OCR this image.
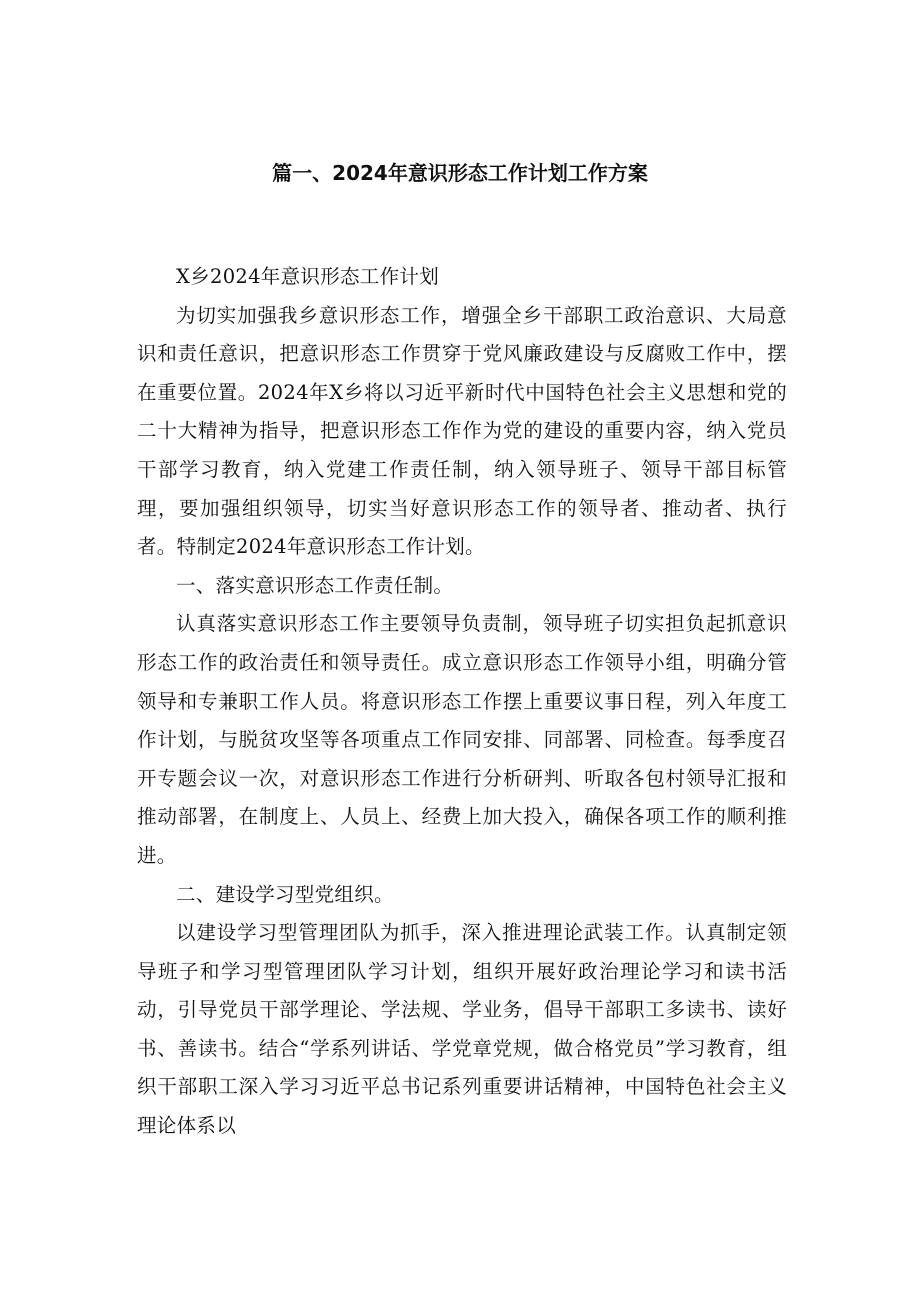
篇一、2024年意识形态工作计划工作方案

X乡2024年意识形态工作计划

为切实加强我乡意识形态工作，增强全乡干部职工政治意识、大局意识和责任意识，把意识形态工作贯穿于党风廉政建设与反腐败工作中，摆在重要位置。2024年X乡将以习近平新时代中国特色社会主义思想和党的二十大精神为指导，把意识形态工作作为党的建设的重要内容，纳入党员干部学习教育，纳入党建工作责任制，纳入领导班子、领导干部目标管理，要加强组织领导，切实当好意识形态工作的领导者、推动者、执行者。特制定2024年意识形态工作计划。

一、落实意识形态工作责任制。

认真落实意识形态工作主要领导负责制，领导班子切实担负起抓意识形态工作的政治责任和领导责任。成立意识形态工作领导小组，明确分管领导和专兼职工作人员。将意识形态工作摆上重要议事日程，列入年度工作计划，与脱贫攻坚等各项重点工作同安排、同部署、同检查。每季度召开专题会议一次，对意识形态工作进行分析研判、听取各包村领导汇报和推动部署，在制度上、人员上、经费上加大投入，确保各项工作的顺利推进。

二、建设学习型党组织。

以建设学习型管理团队为抓手，深入推进理论武装工作。认真制定领导班子和学习型管理团队学习计划，组织开展好政治理论学习和读书活动，引导党员干部学理论、学法规、学业务，倡导干部职工多读书、读好书、善读书。结合“学系列讲话、学党章党规，做合格党员”学习教育，组织干部职工深入学习习近平总书记系列重要讲话精神，中国特色社会主义理论体系以
